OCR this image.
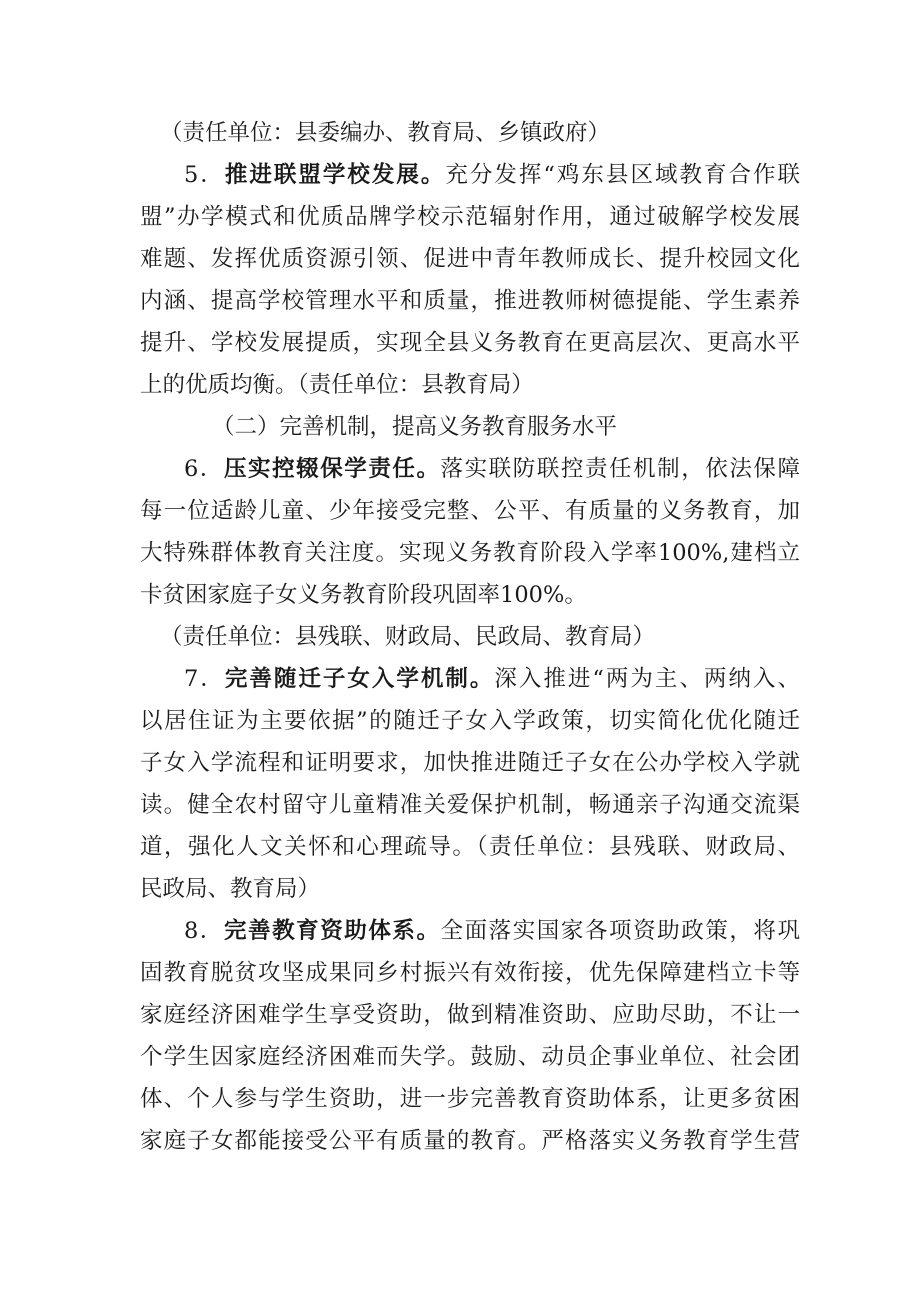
（责任单位：县委编办、教育局、乡镇政府）
5．推进联盟学校发展。充分发挥“鸡东县区域教育合作联
盟”办学模式和优质品牌学校示范辐射作用，通过破解学校发展
难题、发挥优质资源引领、促进中青年教师成长、提升校园文化
内涵、提高学校管理水平和质量，推进教师树德提能、学生素养
提升、学校发展提质，实现全县义务教育在更高层次、更高水平
上的优质均衡。（责任单位：县教育局）
（二）完善机制，提高义务教育服务水平
6．压实控辍保学责任。落实联防联控责任机制，依法保障
每一位适龄儿童、少年接受完整、公平、有质量的义务教育，加
大特殊群体教育关注度。实现义务教育阶段入学率100%,建档立
卡贫困家庭子女义务教育阶段巩固率100%。
（责任单位：县残联、财政局、民政局、教育局）
7．完善随迁子女入学机制。深入推进“两为主、两纳入、
以居住证为主要依据”的随迁子女入学政策，切实简化优化随迁
子女入学流程和证明要求，加快推进随迁子女在公办学校入学就
读。健全农村留守儿童精准关爱保护机制，畅通亲子沟通交流渠
道，强化人文关怀和心理疏导。（责任单位：县残联、财政局、
民政局、教育局）
8．完善教育资助体系。全面落实国家各项资助政策，将巩
固教育脱贫攻坚成果同乡村振兴有效衔接，优先保障建档立卡等
家庭经济困难学生享受资助，做到精准资助、应助尽助，不让一
个学生因家庭经济困难而失学。鼓励、动员企事业单位、社会团
体、个人参与学生资助，进一步完善教育资助体系，让更多贫困
家庭子女都能接受公平有质量的教育。严格落实义务教育学生营
